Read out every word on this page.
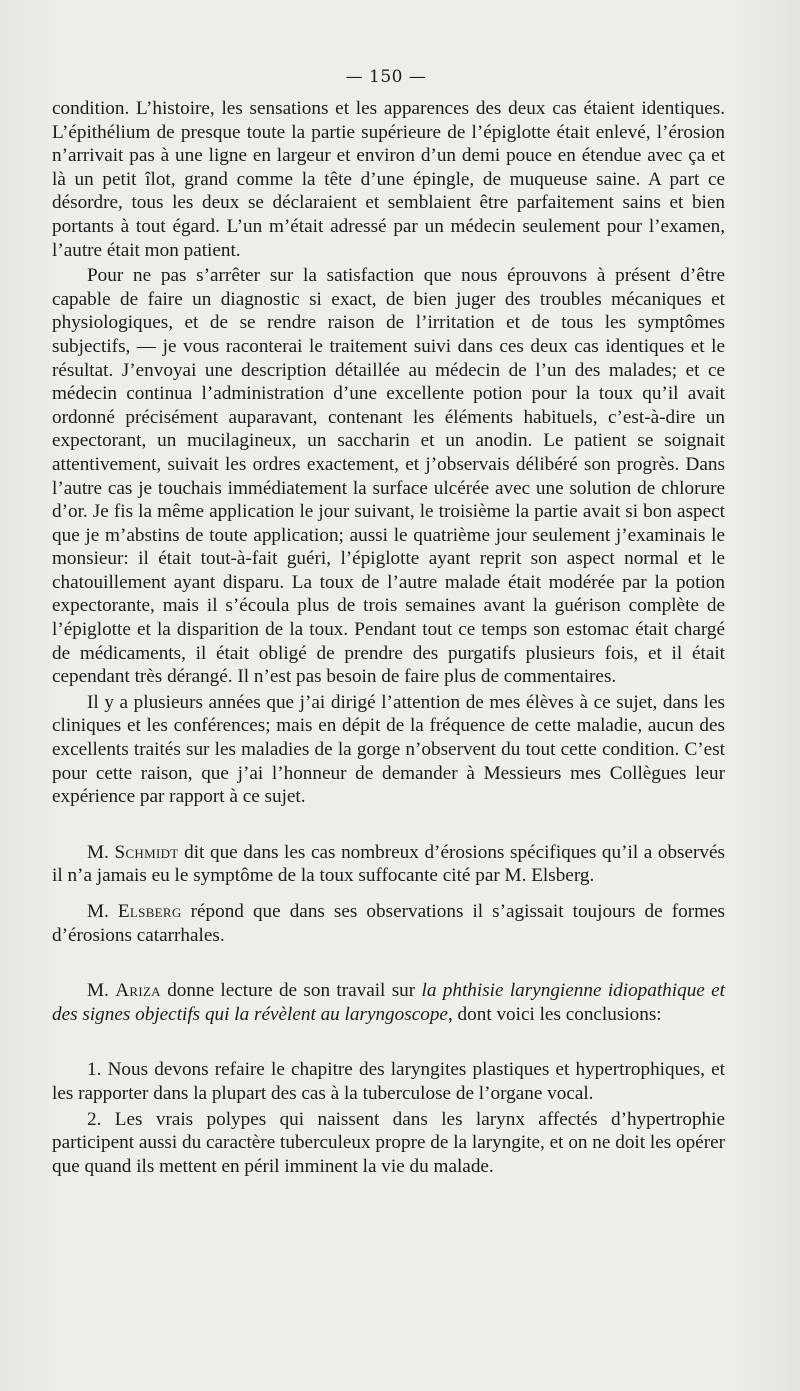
— 150 —

condition. L’histoire, les sensations et les apparences des deux cas étaient identiques. L’épithélium de presque toute la partie supérieure de l’épiglotte était enlevé, l’érosion n’arrivait pas à une ligne en largeur et environ d’un demi pouce en étendue avec ça et là un petit îlot, grand comme la tête d’une épingle, de muqueuse saine. A part ce désordre, tous les deux se déclaraient et semblaient être parfaitement sains et bien portants à tout égard. L’un m’était adressé par un médecin seulement pour l’examen, l’autre était mon patient.

Pour ne pas s’arrêter sur la satisfaction que nous éprouvons à présent d’être capable de faire un diagnostic si exact, de bien juger des troubles mécaniques et physiologiques, et de se rendre raison de l’irritation et de tous les symptômes subjectifs, — je vous raconterai le traitement suivi dans ces deux cas identiques et le résultat. J’envoyai une description détaillée au médecin de l’un des malades; et ce médecin continua l’administration d’une excellente potion pour la toux qu’il avait ordonné précisément auparavant, contenant les éléments habituels, c’est-à-dire un expectorant, un mucilagineux, un saccharin et un anodin. Le patient se soignait attentivement, suivait les ordres exactement, et j’observais délibéré son progrès. Dans l’autre cas je touchais immédiatement la surface ulcérée avec une solution de chlorure d’or. Je fis la même application le jour suivant, le troisième la partie avait si bon aspect que je m’abstins de toute application; aussi le quatrième jour seulement j’examinais le monsieur: il était tout-à-fait guéri, l’épiglotte ayant reprit son aspect normal et le chatouillement ayant disparu. La toux de l’autre malade était modérée par la potion expectorante, mais il s’écoula plus de trois semaines avant la guérison complète de l’épiglotte et la disparition de la toux. Pendant tout ce temps son estomac était chargé de médicaments, il était obligé de prendre des purgatifs plusieurs fois, et il était cependant très dérangé. Il n’est pas besoin de faire plus de commentaires.

Il y a plusieurs années que j’ai dirigé l’attention de mes élèves à ce sujet, dans les cliniques et les conférences; mais en dépit de la fréquence de cette maladie, aucun des excellents traités sur les maladies de la gorge n’observent du tout cette condition. C’est pour cette raison, que j’ai l’honneur de demander à Messieurs mes Collègues leur expérience par rapport à ce sujet.

M. Schmidt dit que dans les cas nombreux d’érosions spécifiques qu’il a observés il n’a jamais eu le symptôme de la toux suffocante cité par M. Elsberg.

M. Elsberg répond que dans ses observations il s’agissait toujours de formes d’érosions catarrhales.

M. Ariza donne lecture de son travail sur la phthisie laryngienne idiopathique et des signes objectifs qui la révèlent au laryngoscope, dont voici les conclusions:

1. Nous devons refaire le chapitre des laryngites plastiques et hypertrophiques, et les rapporter dans la plupart des cas à la tuberculose de l’organe vocal.

2. Les vrais polypes qui naissent dans les larynx affectés d’hypertrophie participent aussi du caractère tuberculeux propre de la laryngite, et on ne doit les opérer que quand ils mettent en péril imminent la vie du malade.
